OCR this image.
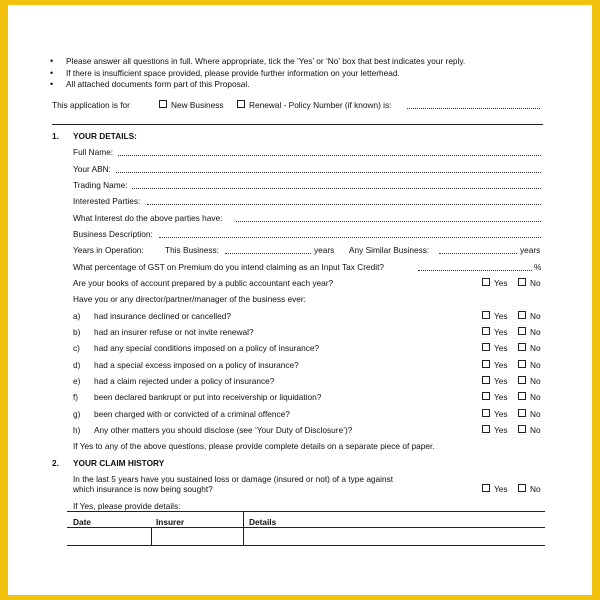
• Please answer all questions in full. Where appropriate, tick the ‘Yes’ or ‘No’ box that best indicates your reply.
• If there is insufficient space provided, please provide further information on your letterhead.
• All attached documents form part of this Proposal.
This application is for	New Business	Renewal - Policy Number (if known) is:
1. YOUR DETAILS:
Full Name:
Your ABN:
Trading Name:
Interested Parties:
What Interest do the above parties have:
Business Description:
Years in Operation:	This Business:	years Any Similar Business:	years
What percentage of GST on Premium do you intend claiming as an Input Tax Credit?	%
Are your books of account prepared by a public accountant each year?	Yes	No
Have you or any director/partner/manager of the business ever:
a) had insurance declined or cancelled?	Yes	No
b) had an insurer refuse or not invite renewal?	Yes	No
c) had any special conditions imposed on a policy of insurance?	Yes	No
d) had a special excess imposed on a policy of insurance?	Yes	No
e) had a claim rejected under a policy of insurance?	Yes	No
f) been declared bankrupt or put into receivership or liquidation?	Yes	No
g) been charged with or convicted of a criminal offence?	Yes	No
h) Any other matters you should disclose (see ‘Your Duty of Disclosure’)?	Yes	No
If Yes to any of the above questions, please provide complete details on a separate piece of paper.
2. YOUR CLAIM HISTORY
In the last 5 years have you sustained loss or damage (insured or not) of a type against
which insurance is now being sought?	Yes	No
If Yes, please provide details:
Date	Insurer	Details
